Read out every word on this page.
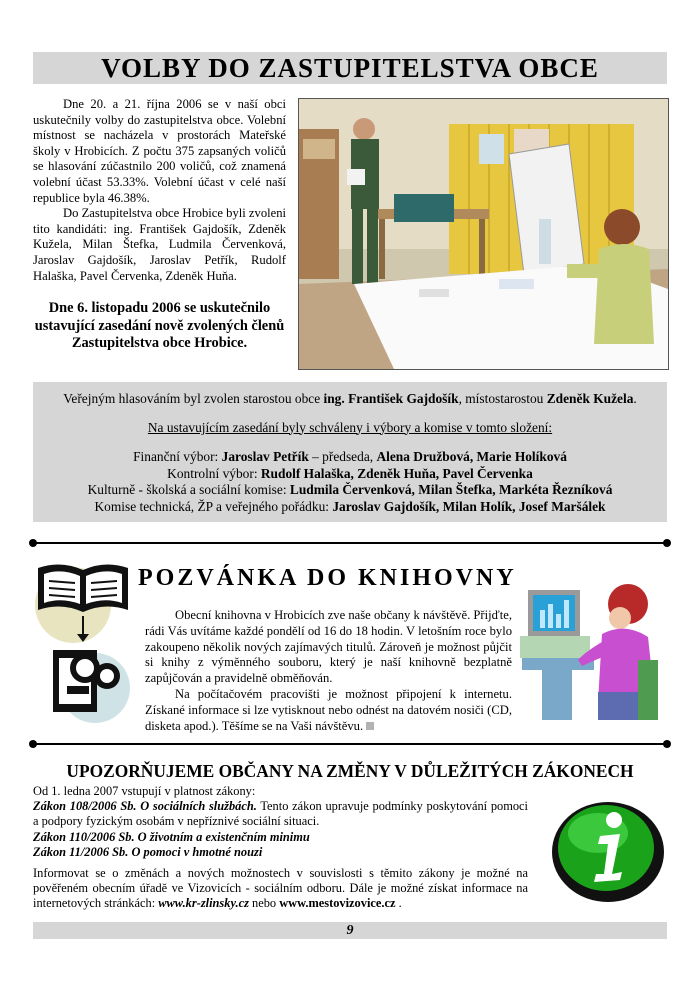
VOLBY DO ZASTUPITELSTVA OBCE

Dne 20. a 21. října 2006 se v naší obci uskutečnily volby do zastupitelstva obce. Volební místnost se nacházela v prostorách Mateřské školy v Hrobicích. Z počtu 375 zapsaných voličů se hlasování zúčastnilo 200 voličů, což znamená volební účast 53.33%. Volební účast v celé naší republice byla 46.38%.

Do Zastupitelstva obce Hrobice byli zvoleni tito kandidáti: ing. František Gajdošík, Zdeněk Kužela, Milan Štefka, Ludmila Červenková, Jaroslav Gajdošík, Jaroslav Petřík, Rudolf Halaška, Pavel Červenka, Zdeněk Huňa.

Dne 6. listopadu 2006 se uskutečnilo ustavující zasedání nově zvolených členů Zastupitelstva obce Hrobice.
Veřejným hlasováním byl zvolen starostou obce ing. František Gajdošík, místostarostou Zdeněk Kužela.
Na ustavujícím zasedání byly schváleny i výbory a komise v tomto složení:
Finanční výbor: Jaroslav Petřík – předseda, Alena Družbová, Marie Holíková
Kontrolní výbor: Rudolf Halaška, Zdeněk Huňa, Pavel Červenka
Kulturně - školská a sociální komise: Ludmila Červenková, Milan Štefka, Markéta Řezníková
Komise technická, ŽP a veřejného pořádku: Jaroslav Gajdošík, Milan Holík, Josef Maršálek
POZVÁNKA DO KNIHOVNY

Obecní knihovna v Hrobicích zve naše občany k návštěvě. Přijďte, rádi Vás uvítáme každé pondělí od 16 do 18 hodin. V letošním roce bylo zakoupeno několik nových zajímavých titulů. Zároveň je možnost půjčit si knihy z výměnného souboru, který je naší knihovně bezplatně zapůjčován a pravidelně obměňován.

Na počítačovém pracovišti je možnost připojení k internetu. Získané informace si lze vytisknout nebo odnést na datovém nosiči (CD, disketa apod.). Těšíme se na Vaši návštěvu.

UPOZORŇUJEME OBČANY NA ZMĚNY V DŮLEŽITÝCH ZÁKONECH
Od 1. ledna 2007 vstupují v platnost zákony:
Zákon 108/2006 Sb. O sociálních službách. Tento zákon upravuje podmínky poskytování pomoci a podpory fyzickým osobám v nepříznivé sociální situaci.
Zákon 110/2006 Sb. O životním a existenčním minimu
Zákon 11/2006 Sb. O pomoci v hmotné nouzi
Informovat se o změnách a nových možnostech v souvislosti s těmito zákony je možné na pověřeném obecním úřadě ve Vizovicích - sociálním odboru. Dále je možné získat informace na internetových stránkách: www.kr-zlinsky.cz nebo www.mestovizovice.cz .
9
